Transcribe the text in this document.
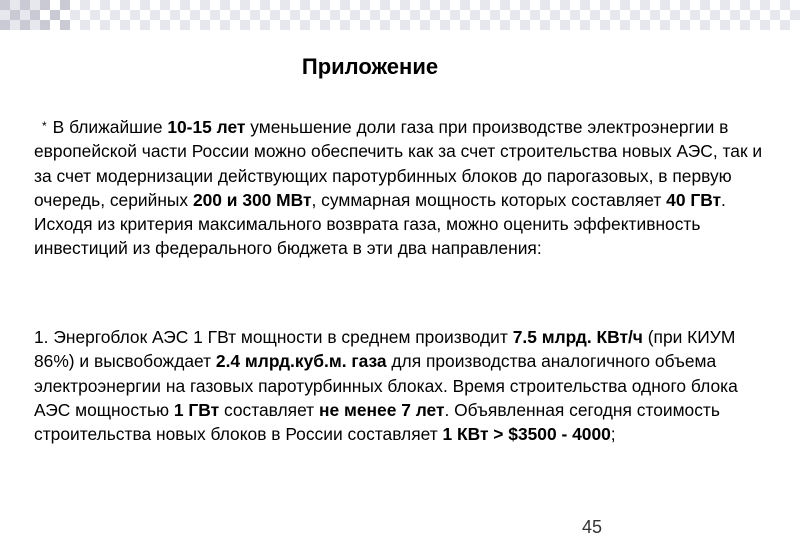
Приложение

* В ближайшие 10-15 лет уменьшение доли газа при производстве электроэнергии в европейской части России можно обеспечить как за счет строительства новых АЭС, так и за счет модернизации действующих паротурбинных блоков до парогазовых, в первую очередь, серийных 200 и 300 МВт, суммарная мощность которых составляет 40 ГВт. Исходя из критерия максимального возврата газа, можно оценить эффективность инвестиций из федерального бюджета в эти два направления:

1. Энергоблок АЭС 1 ГВт мощности в среднем производит 7.5 млрд. КВт/ч (при КИУМ 86%) и высвобождает 2.4 млрд.куб.м. газа для производства аналогичного объема электроэнергии на газовых паротурбинных блоках. Время строительства одного блока АЭС мощностью 1 ГВт составляет не менее 7 лет. Объявленная сегодня стоимость строительства новых блоков в России составляет 1 КВт > $3500 - 4000;

45
